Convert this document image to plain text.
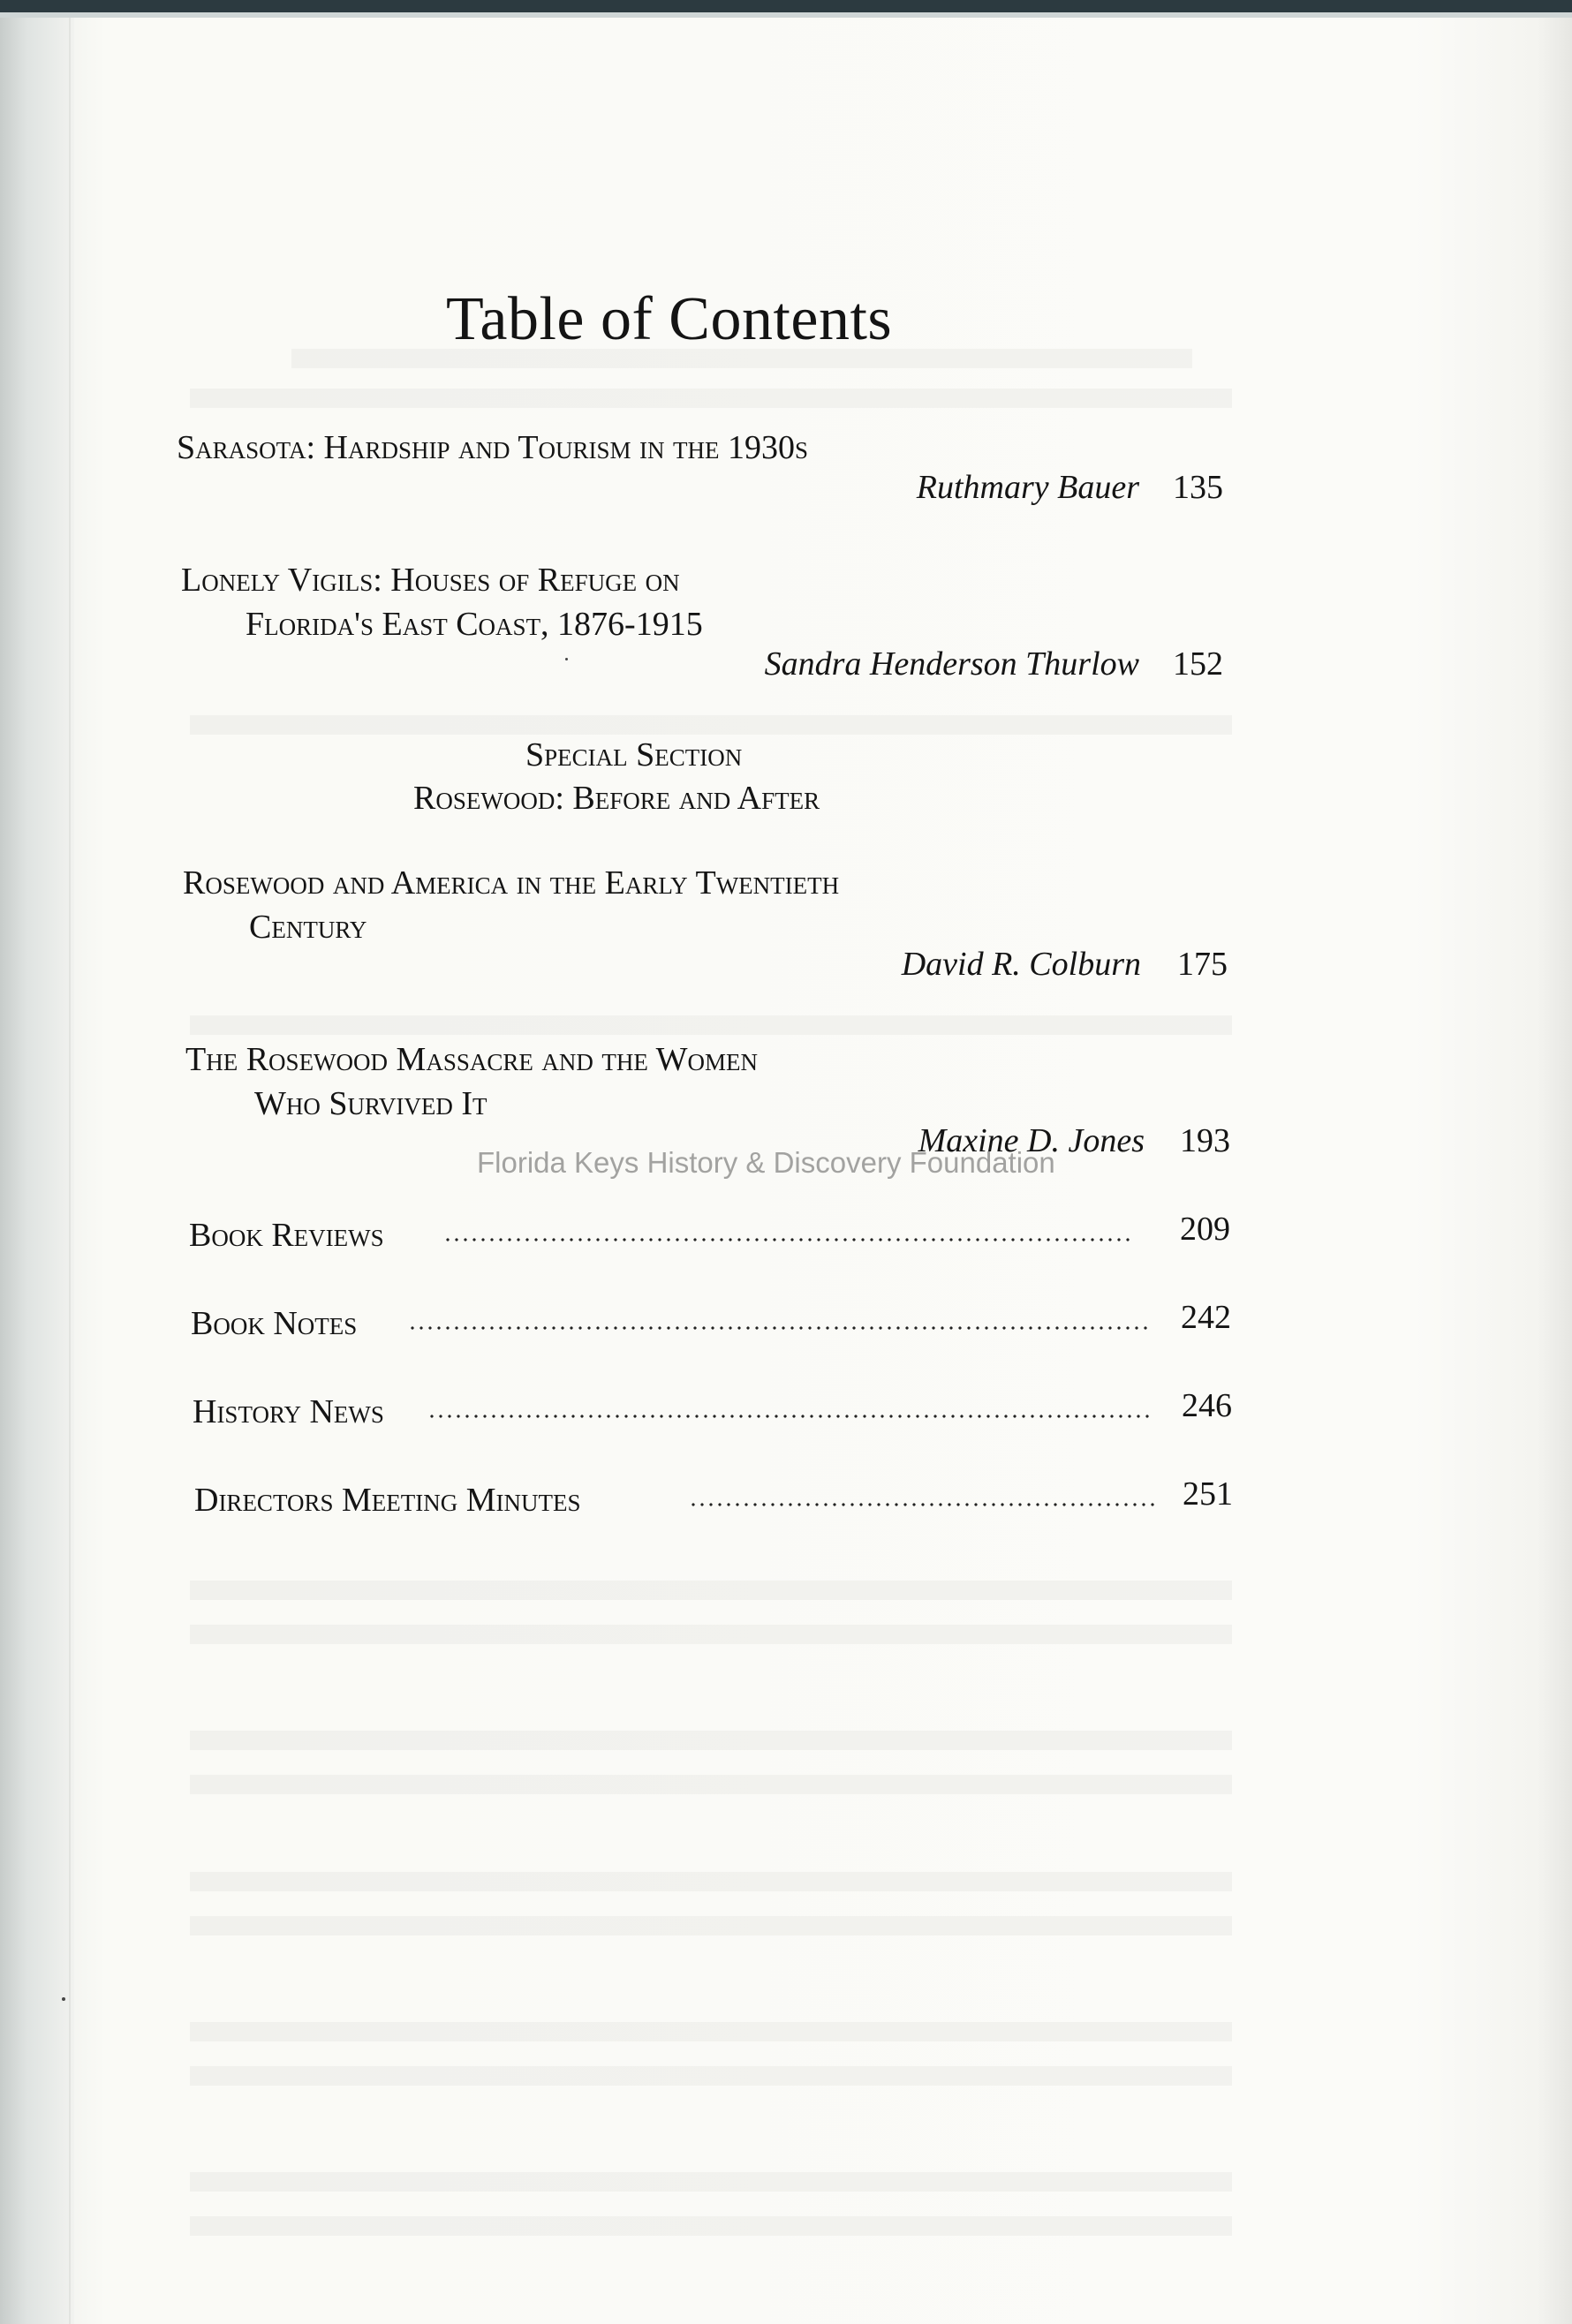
Table of Contents
Sarasota: Hardship and Tourism in the 1930s
Ruthmary Bauer 135
Lonely Vigils: Houses of Refuge on
Florida's East Coast, 1876-1915
Sandra Henderson Thurlow 152
Special Section
Rosewood: Before and After
Rosewood and America in the Early Twentieth
Century
David R. Colburn 175
The Rosewood Massacre and the Women
Who Survived It
Maxine D. Jones 193
Book Reviews	209
Book Notes	242
History News	246
Directors Meeting Minutes	251
Florida Keys History & Discovery Foundation
